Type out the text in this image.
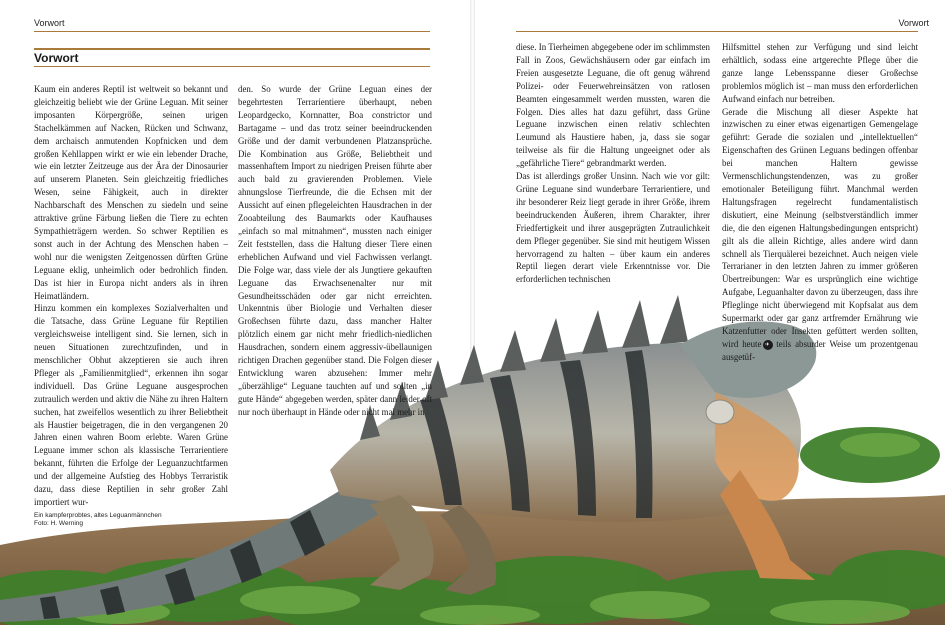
Vorwort	Vorwort
Vorwort

Kaum ein anderes Reptil ist weltweit so bekannt und gleichzeitig beliebt wie der Grüne Leguan. Mit seiner imposanten Körpergröße, seinen urigen Stachelkämmen auf Nacken, Rücken und Schwanz, dem archaisch anmutenden Kopfnicken und dem großen Kehllappen wirkt er wie ein lebender Drache, wie ein letzter Zeitzeuge aus der Ära der Dinosaurier auf unserem Planeten. Sein gleichzeitig friedliches Wesen, seine Fähigkeit, auch in direkter Nachbarschaft des Menschen zu siedeln und seine attraktive grüne Färbung ließen die Tiere zu echten Sympathieträgern werden. So schwer Reptilien es sonst auch in der Achtung des Menschen haben – wohl nur die wenigsten Zeitgenossen dürften Grüne Leguane eklig, unheimlich oder bedrohlich finden. Das ist hier in Europa nicht anders als in ihren Heimatländern.

Hinzu kommen ein komplexes Sozialverhalten und die Tatsache, dass Grüne Leguane für Reptilien vergleichsweise intelligent sind. Sie lernen, sich in neuen Situationen zurechtzufinden, und in menschlicher Obhut akzeptieren sie auch ihren Pfleger als „Familienmitglied“, erkennen ihn sogar individuell. Das Grüne Leguane ausgesprochen zutraulich werden und aktiv die Nähe zu ihren Haltern suchen, hat zweifellos wesentlich zu ihrer Beliebtheit als Haustier beigetragen, die in den vergangenen 20 Jahren einen wahren Boom erlebte. Waren Grüne Leguane immer schon als klassische Terrarientiere bekannt, führten die Erfolge der Leguanzuchtfarmen und der allgemeine Aufstieg des Hobbys Terraristik dazu, dass diese Reptilien in sehr großer Zahl importiert wur-

den. So wurde der Grüne Leguan eines der begehrtesten Terrarientiere überhaupt, neben Leopardgecko, Kornnatter, Boa constrictor und Bartagame – und das trotz seiner beeindruckenden Größe und der damit verbundenen Platzansprüche. Die Kombination aus Größe, Beliebtheit und massenhaftem Import zu niedrigen Preisen führte aber auch bald zu gravierenden Problemen. Viele ahnungslose Tierfreunde, die die Echsen mit der Aussicht auf einen pflegeleichten Hausdrachen in der Zooabteilung des Baumarkts oder Kaufhauses „einfach so mal mitnahmen“, mussten nach einiger Zeit feststellen, dass die Haltung dieser Tiere einen erheblichen Aufwand und viel Fachwissen verlangt. Die Folge war, dass viele der als Jungtiere gekauften Leguane das Erwachsenenalter nur mit Gesundheitsschäden oder gar nicht erreichten. Unkenntnis über Biologie und Verhalten dieser Großechsen führte dazu, dass mancher Halter plötzlich einem gar nicht mehr friedlich-niedlichen Hausdrachen, sondern einem aggressiv-übellaunigen richtigen Drachen gegenüber stand. Die Folgen dieser Entwicklung waren abzusehen: Immer mehr „überzählige“ Leguane tauchten auf und sollten „in gute Hände“ abgegeben werden, später dann leider oft nur noch überhaupt in Hände oder nicht mal mehr in

diese. In Tierheimen abgegebene oder im schlimmsten Fall in Zoos, Gewächshäusern oder gar einfach im Freien ausgesetzte Leguane, die oft genug während Polizei- oder Feuerwehreinsätzen von ratlosen Beamten eingesammelt werden mussten, waren die Folgen. Dies alles hat dazu geführt, dass Grüne Leguane inzwischen einen relativ schlechten Leumund als Haustiere haben, ja, dass sie sogar teilweise als für die Haltung ungeeignet oder als „gefährliche Tiere“ gebrandmarkt werden.

Das ist allerdings großer Unsinn. Nach wie vor gilt: Grüne Leguane sind wunderbare Terrarientiere, und ihr besonderer Reiz liegt gerade in ihrer Größe, ihrem beeindruckenden Äußeren, ihrem Charakter, ihrer Friedfertigkeit und ihrer ausgeprägten Zutraulichkeit dem Pfleger gegenüber. Sie sind mit heutigem Wissen hervorragend zu halten – über kaum ein anderes Reptil liegen derart viele Erkenntnisse vor. Die erforderlichen technischen

Hilfsmittel stehen zur Verfügung und sind leicht erhältlich, sodass eine artgerechte Pflege über die ganze lange Lebensspanne dieser Großechse problemlos möglich ist – man muss den erforderlichen Aufwand einfach nur betreiben.

Gerade die Mischung all dieser Aspekte hat inzwischen zu einer etwas eigenartigen Gemengelage geführt: Gerade die sozialen und „intellektuellen“ Eigenschaften des Grünen Leguans bedingen offenbar bei manchen Haltern gewisse Vermenschlichungstendenzen, was zu großer emotionaler Beteiligung führt. Manchmal werden Haltungsfragen regelrecht fundamentalistisch diskutiert, eine Meinung (selbstverständlich immer die, die den eigenen Haltungsbedingungen entspricht) gilt als die allein Richtige, alles andere wird dann schnell als Tierquälerei bezeichnet. Auch neigen viele Terrarianer in den letzten Jahren zu immer größeren Übertreibungen: War es ursprünglich eine wichtige Aufgabe, Leguanhalter davon zu überzeugen, dass ihre Pfleglinge nicht überwiegend mit Kopfsalat aus dem Supermarkt oder gar ganz artfremder Ernährung wie Katzenfutter oder Insekten gefüttert werden sollten, wird heute in teils absurder Weise um prozentgenau ausgetüf-

Ein kampferprobtes, altes Leguanmännchen
Foto: H. Werning
